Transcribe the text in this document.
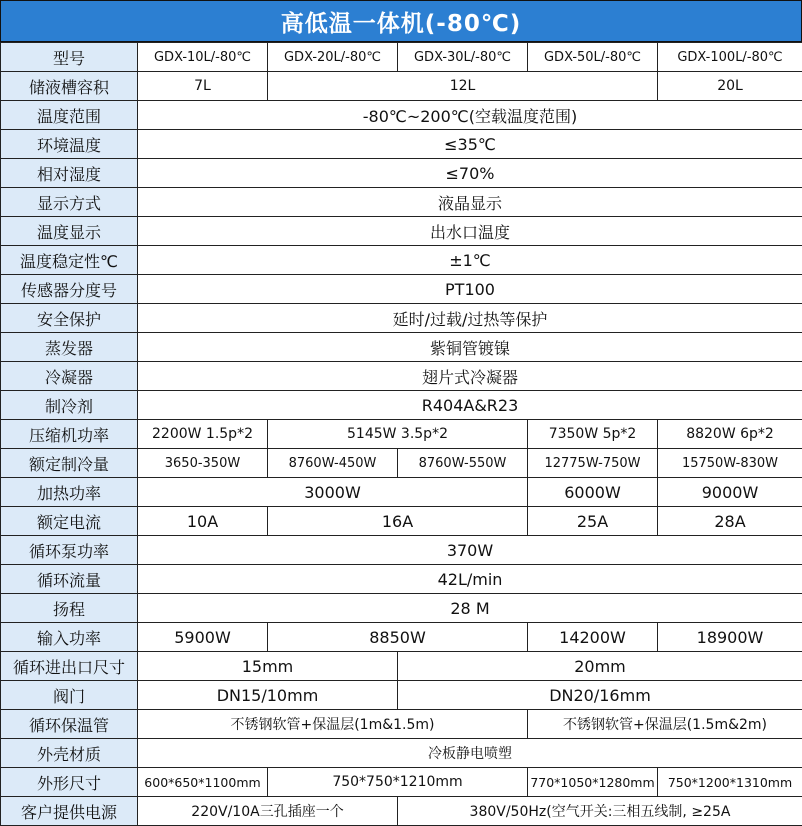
高低温一体机(-80℃)
型号	GDX-10L/-80℃	GDX-20L/-80℃	GDX-30L/-80℃	GDX-50L/-80℃	GDX-100L/-80℃
储液槽容积	7L	12L			20L
温度范围	-80℃~200℃(空载温度范围)				
环境温度	≤35℃				
相对湿度	≤70%				
显示方式	液晶显示				
温度显示	出水口温度				
温度稳定性℃	±1℃				
传感器分度号	PT100				
安全保护	延时/过载/过热等保护				
蒸发器	紫铜管镀镍				
冷凝器	翅片式冷凝器				
制冷剂	R404A&R23				
压缩机功率	2200W 1.5p*2	5145W 3.5p*2		7350W 5p*2	8820W 6p*2
额定制冷量	3650-350W	8760W-450W	8760W-550W	12775W-750W	15750W-830W
加热功率	3000W			6000W	9000W
额定电流	10A	16A		25A	28A
循环泵功率	370W				
循环流量	42L/min				
扬程	28 M				
输入功率	5900W	8850W		14200W	18900W
循环进出口尺寸	15mm		20mm		
阀门	DN15/10mm		DN20/16mm		
循环保温管	不锈钢软管+保温层(1m&1.5m)			不锈钢软管+保温层(1.5m&2m)	
外壳材质	冷板静电喷塑				
外形尺寸	600*650*1100mm	750*750*1210mm		770*1050*1280mm	750*1200*1310mm
客户提供电源	220V/10A三孔插座一个		380V/50Hz(空气开关:三相五线制, ≥25A		
